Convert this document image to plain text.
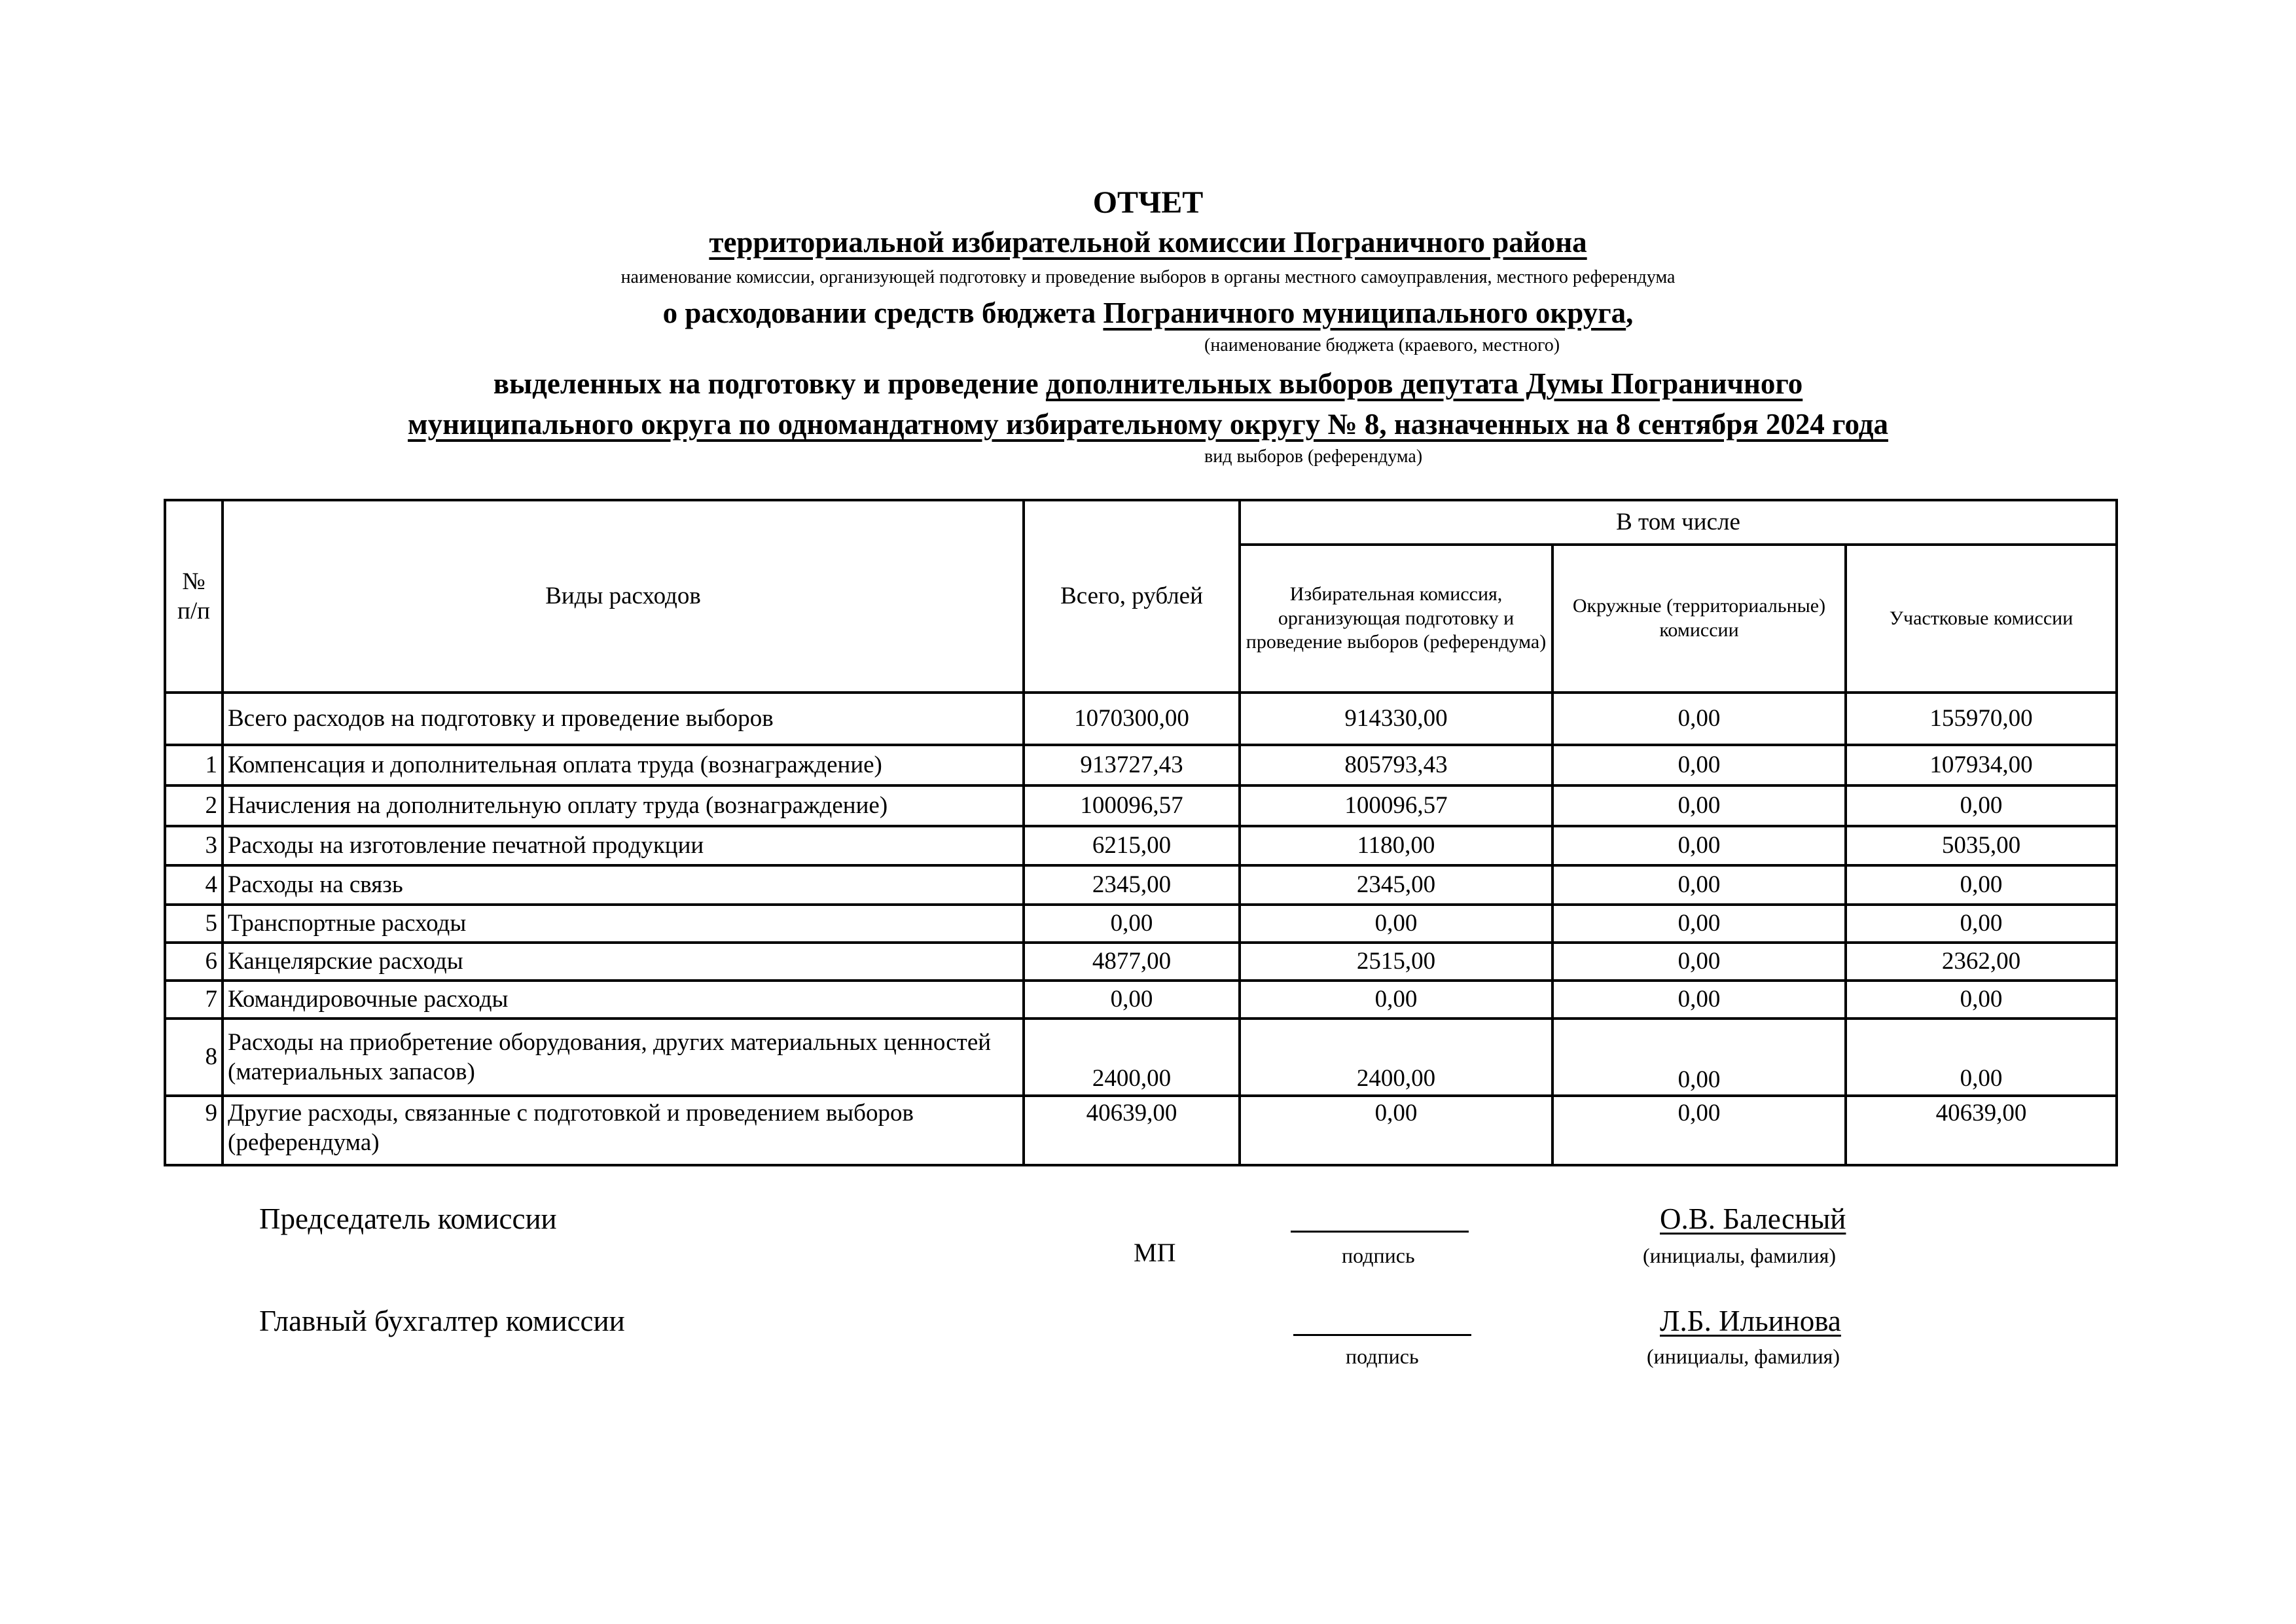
ОТЧЕТ
территориальной избирательной комиссии Пограничного района
наименование комиссии, организующей подготовку и проведение выборов в органы местного самоуправления, местного референдума
о расходовании средств бюджета Пограничного муниципального округа,
(наименование бюджета (краевого, местного)
выделенных на подготовку и проведение дополнительных выборов депутата Думы Пограничного
муниципального округа по одномандатному избирательному округу № 8, назначенных на 8 сентября 2024 года
вид выборов (референдума)
№ п/п	Виды расходов	Всего, рублей	В том числе		
			Избирательная комиссия, организующая подготовку и проведение выборов (референдума)	Окружные (территориальные) комиссии	Участковые комиссии
	Всего расходов на подготовку и проведение выборов	1070300,00	914330,00	0,00	155970,00
1	Компенсация и дополнительная оплата труда (вознаграждение)	913727,43	805793,43	0,00	107934,00
2	Начисления на дополнительную оплату труда (вознаграждение)	100096,57	100096,57	0,00	0,00
3	Расходы на изготовление печатной продукции	6215,00	1180,00	0,00	5035,00
4	Расходы на связь	2345,00	2345,00	0,00	0,00
5	Транспортные расходы	0,00	0,00	0,00	0,00
6	Канцелярские расходы	4877,00	2515,00	0,00	2362,00
7	Командировочные расходы	0,00	0,00	0,00	0,00
8	Расходы на приобретение оборудования, других материальных ценностей (материальных запасов)	2400,00	2400,00	0,00	0,00
9	Другие расходы, связанные с подготовкой и проведением выборов (референдума)	40639,00	0,00	0,00	40639,00
Председатель комиссии	О.В. Балесный
МП	подпись	(инициалы, фамилия)
Главный бухгалтер комиссии	Л.Б. Ильинова
подпись	(инициалы, фамилия)
